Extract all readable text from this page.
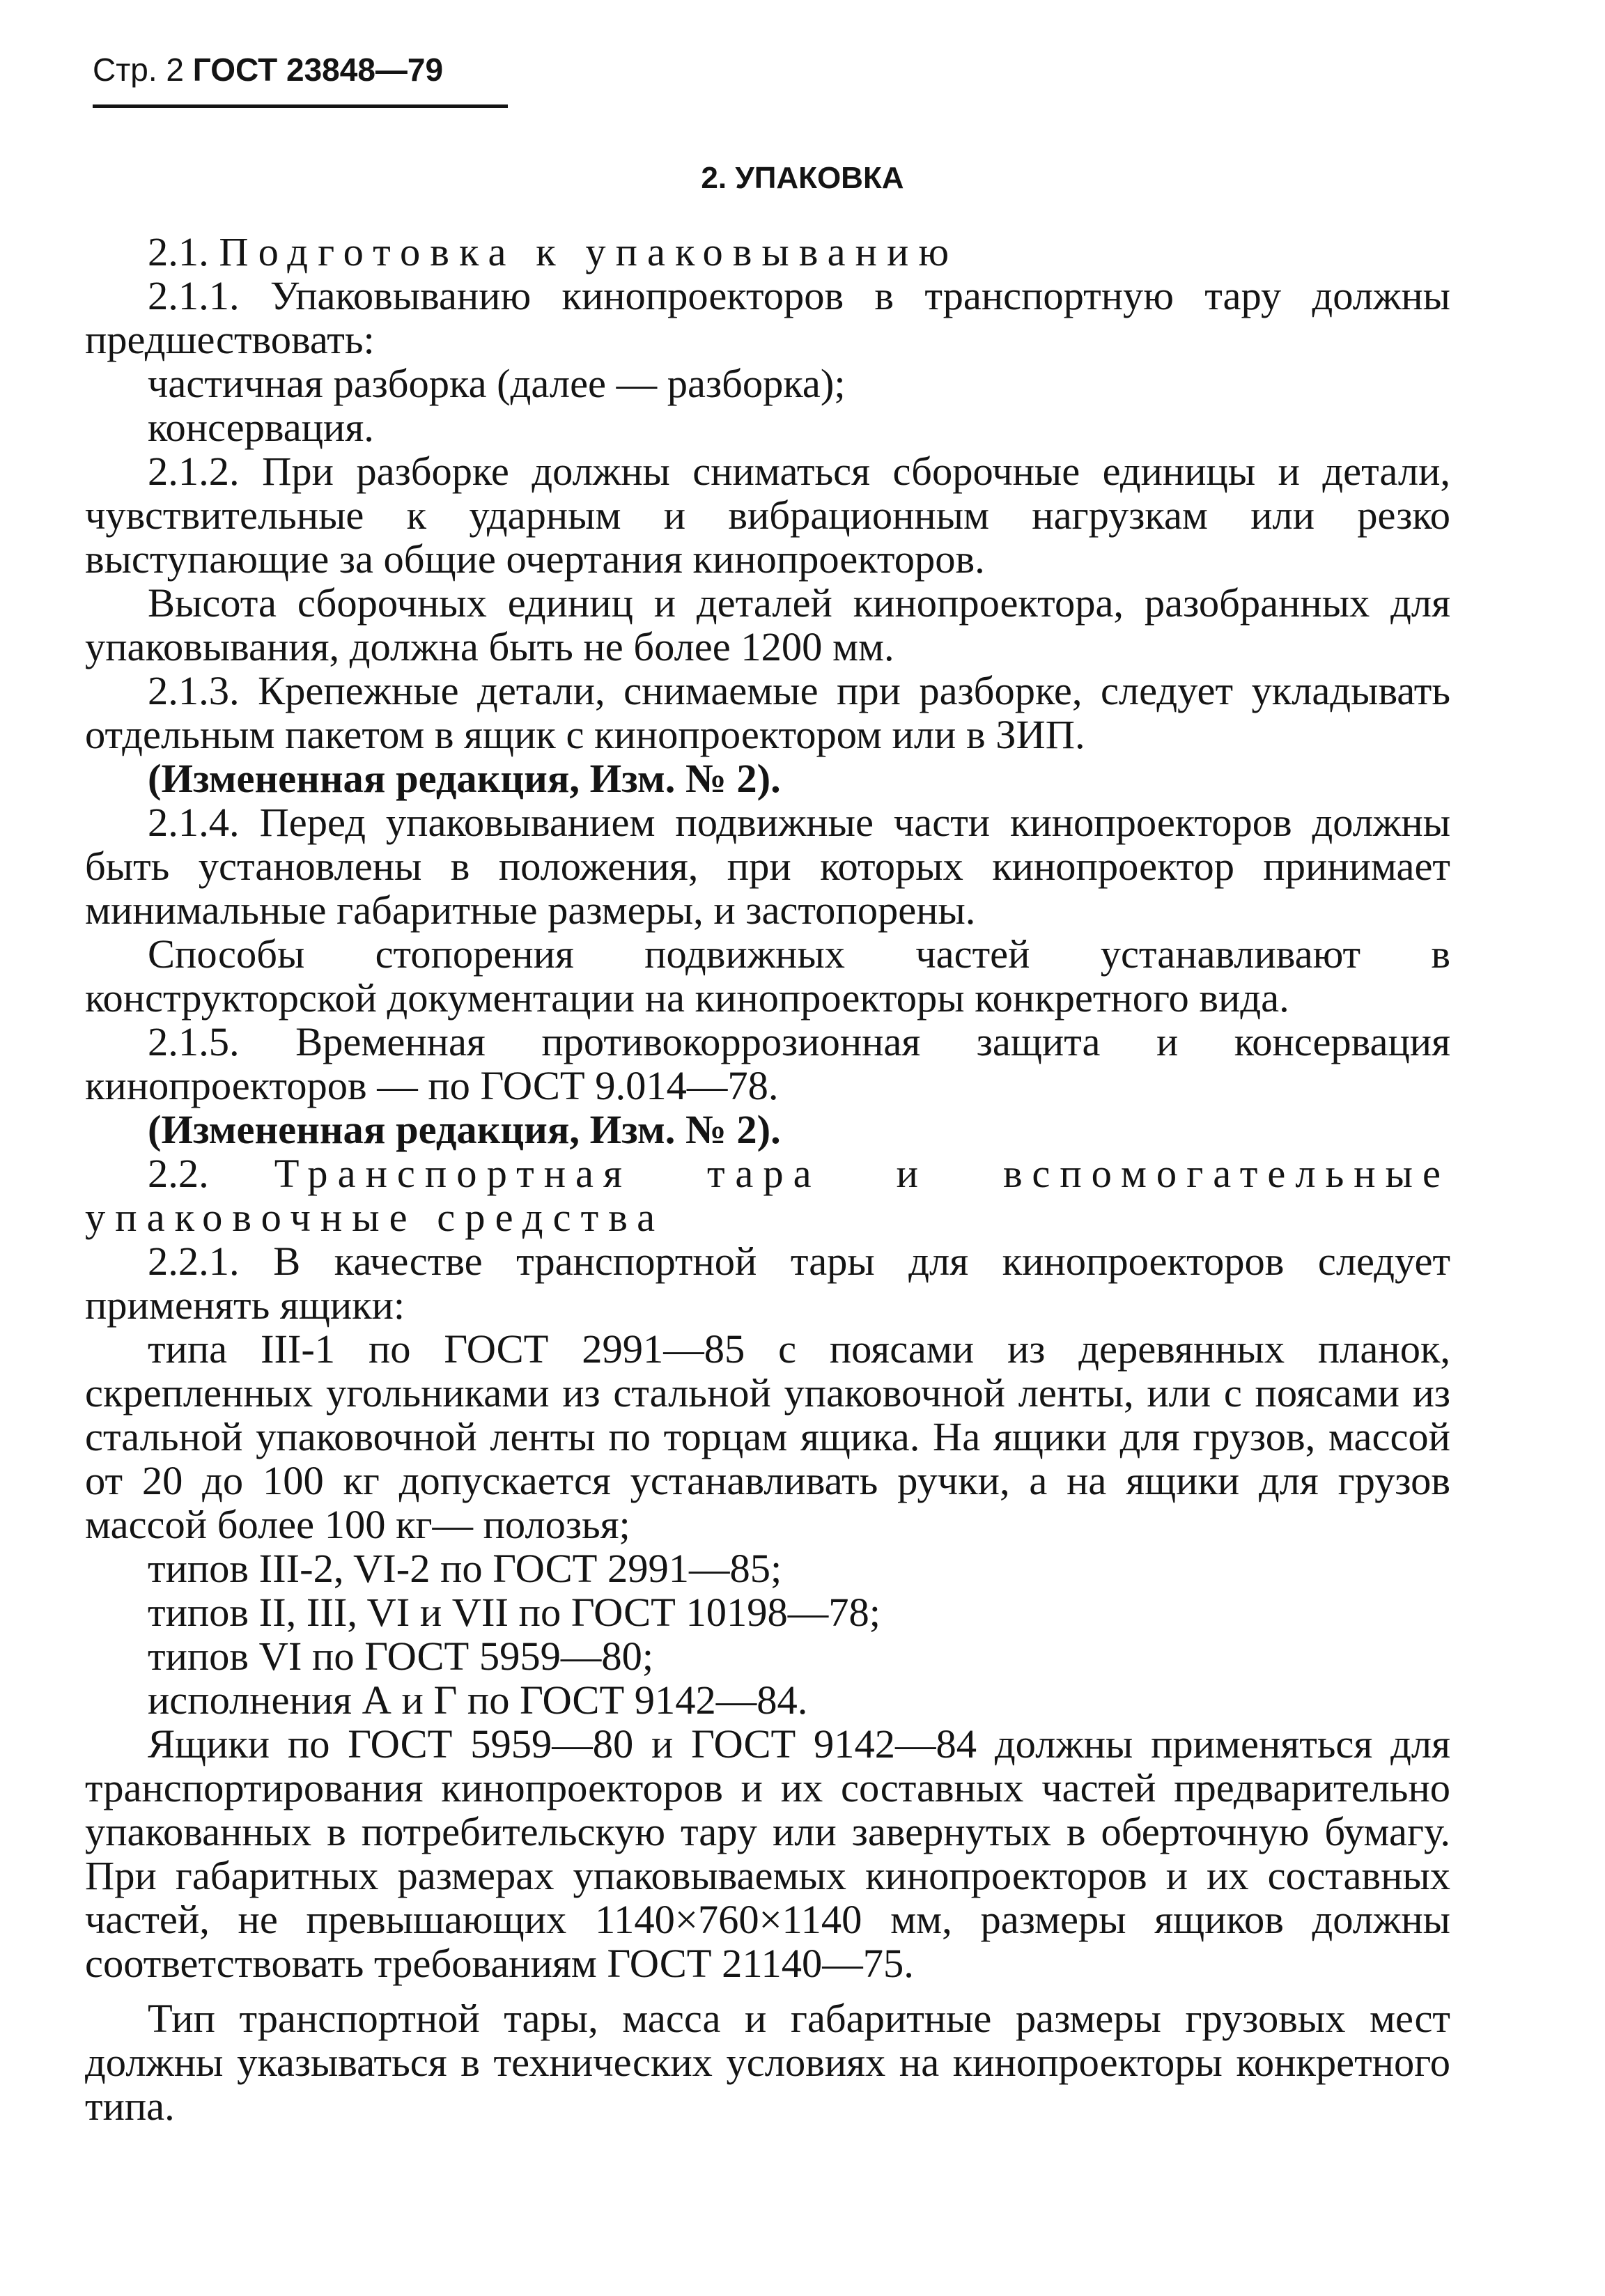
Стр. 2 ГОСТ 23848—79
2. УПАКОВКА

2.1. Подготовка к упаковыванию

2.1.1. Упаковыванию кинопроекторов в транспортную тару должны предшествовать:

частичная разборка (далее — разборка);

консервация.

2.1.2. При разборке должны сниматься сборочные единицы и детали, чувствительные к ударным и вибрационным нагрузкам или резко выступающие за общие очертания кинопроекторов.

Высота сборочных единиц и деталей кинопроектора, разобранных для упаковывания, должна быть не более 1200 мм.

2.1.3. Крепежные детали, снимаемые при разборке, следует укладывать отдельным пакетом в ящик с кинопроектором или в ЗИП.

(Измененная редакция, Изм. № 2).

2.1.4. Перед упаковыванием подвижные части кинопроекторов должны быть установлены в положения, при которых кинопроектор принимает минимальные габаритные размеры, и застопорены.

Способы стопорения подвижных частей устанавливают в конструкторской документации на кинопроекторы конкретного вида.

2.1.5. Временная противокоррозионная защита и консервация кинопроекторов — по ГОСТ 9.014—78.

(Измененная редакция, Изм. № 2).

2.2. Транспортная тара и вспомогательные упаковочные средства

2.2.1. В качестве транспортной тары для кинопроекторов следует применять ящики:

типа III-1 по ГОСТ 2991—85 с поясами из деревянных планок, скрепленных угольниками из стальной упаковочной ленты, или с поясами из стальной упаковочной ленты по торцам ящика. На ящики для грузов, массой от 20 до 100 кг допускается устанавливать ручки, а на ящики для грузов массой более 100 кг— полозья;

типов III-2, VI-2 по ГОСТ 2991—85;

типов II, III, VI и VII по ГОСТ 10198—78;

типов VI по ГОСТ 5959—80;

исполнения А и Г по ГОСТ 9142—84.

Ящики по ГОСТ 5959—80 и ГОСТ 9142—84 должны применяться для транспортирования кинопроекторов и их составных частей предварительно упакованных в потребительскую тару или завернутых в оберточную бумагу. При габаритных размерах упаковываемых кинопроекторов и их составных частей, не превышающих 1140×760×1140 мм, размеры ящиков должны соответствовать требованиям ГОСТ 21140—75.

Тип транспортной тары, масса и габаритные размеры грузовых мест должны указываться в технических условиях на кинопроекторы конкретного типа.
